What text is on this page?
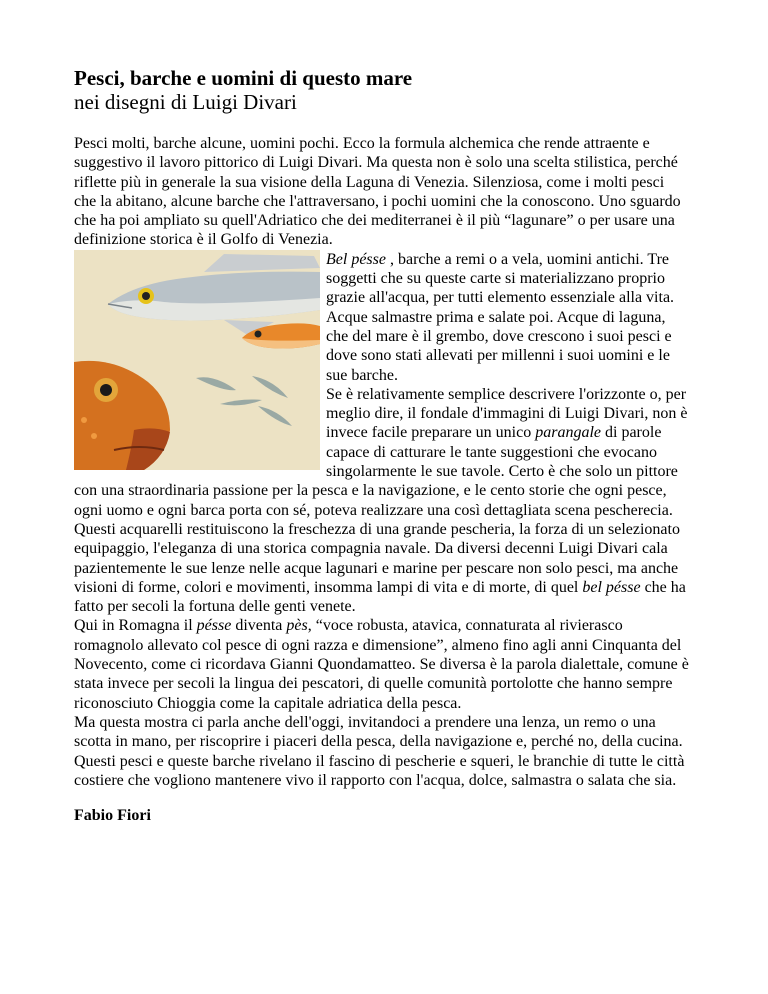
Pesci, barche e uomini di questo mare
nei disegni di Luigi Divari

Pesci molti, barche alcune, uomini pochi. Ecco la formula alchemica che rende attraente e suggestivo il lavoro pittorico di Luigi Divari. Ma questa non è solo una scelta stilistica, perché riflette più in generale la sua visione della Laguna di Venezia. Silenziosa, come i molti pesci che la abitano, alcune barche che l'attraversano, i pochi uomini che la conoscono. Uno sguardo che ha poi ampliato su quell'Adriatico che dei mediterranei è il più “lagunare” o per usare una definizione storica è il Golfo di Venezia.

Bel pésse , barche a remi o a vela, uomini antichi. Tre soggetti che su queste carte si materializzano proprio grazie all'acqua, per tutti elemento essenziale alla vita. Acque salmastre prima e salate poi. Acque di laguna, che del mare è il grembo, dove crescono i suoi pesci e dove sono stati allevati per millenni i suoi uomini e le sue barche.

Se è relativamente semplice descrivere l'orizzonte o, per meglio dire, il fondale d'immagini di Luigi Divari, non è invece facile preparare un unico parangale di parole capace di catturare le tante suggestioni che evocano singolarmente le sue tavole. Certo è che solo un pittore con una straordinaria passione per la pesca e la navigazione, e le cento storie che ogni pesce, ogni uomo e ogni barca porta con sé, poteva realizzare una così dettagliata scena pescherecia. Questi acquarelli restituiscono la freschezza di una grande pescheria, la forza di un selezionato equipaggio, l'eleganza di una storica compagnia navale. Da diversi decenni Luigi Divari cala pazientemente le sue lenze nelle acque lagunari e marine per pescare non solo pesci, ma anche visioni di forme, colori e movimenti, insomma lampi di vita e di morte, di quel bel pésse che ha fatto per secoli la fortuna delle genti venete.

Qui in Romagna il pésse diventa pès, “voce robusta, atavica, connaturata al rivierasco romagnolo allevato col pesce di ogni razza e dimensione”, almeno fino agli anni Cinquanta del Novecento, come ci ricordava Gianni Quondamatteo. Se diversa è la parola dialettale, comune è stata invece per secoli la lingua dei pescatori, di quelle comunità portolotte che hanno sempre riconosciuto Chioggia come la capitale adriatica della pesca.

Ma questa mostra ci parla anche dell'oggi, invitandoci a prendere una lenza, un remo o una scotta in mano, per riscoprire i piaceri della pesca, della navigazione e, perché no, della cucina. Questi pesci e queste barche rivelano il fascino di pescherie e squeri, le branchie di tutte le città costiere che vogliono mantenere vivo il rapporto con l'acqua, dolce, salmastra o salata che sia.

Fabio Fiori
